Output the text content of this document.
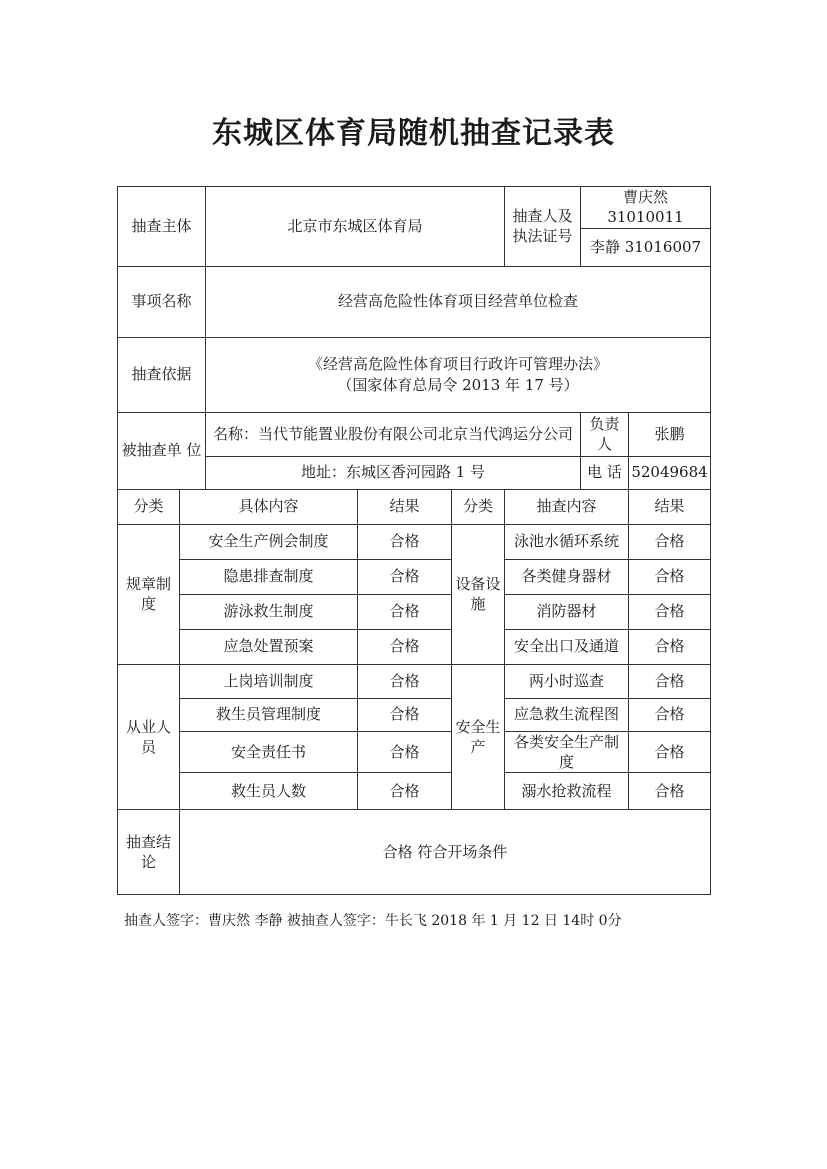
东城区体育局随机抽查记录表
抽查主体		北京市东城区体育局			抽查人及执法证号	曹庆然 31010011	
						李静 31016007	
事项名称		经营高危险性体育项目经营单位检查					
抽查依据		《经营高危险性体育项目行政许可管理办法》
（国家体育总局令 2013 年 17 号）					

被抽查单 位		名称：当代节能置业股份有限公司北京当代鸿运分公司				负责人	张鹏
		地址：东城区香河园路 1 号				电 话	52049684
分类	具体内容		结果	分类	抽查内容		结果
规章制度	安全生产例会制度		合格	设备设施	泳池水循环系统		合格
	隐患排查制度		合格		各类健身器材		合格
	游泳救生制度		合格		消防器材		合格
	应急处置预案		合格		安全出口及通道		合格
从业人员	上岗培训制度		合格	安全生产	两小时巡查		合格
	救生员管理制度		合格		应急救生流程图		合格
	安全责任书		合格		各类安全生产制度		合格
	救生员人数		合格		溺水抢救流程		合格
抽查结论	合格 符合开场条件						
抽查人签字：曹庆然 李静 被抽查人签字：牛长飞 2018 年 1 月 12 日 14时 0分
